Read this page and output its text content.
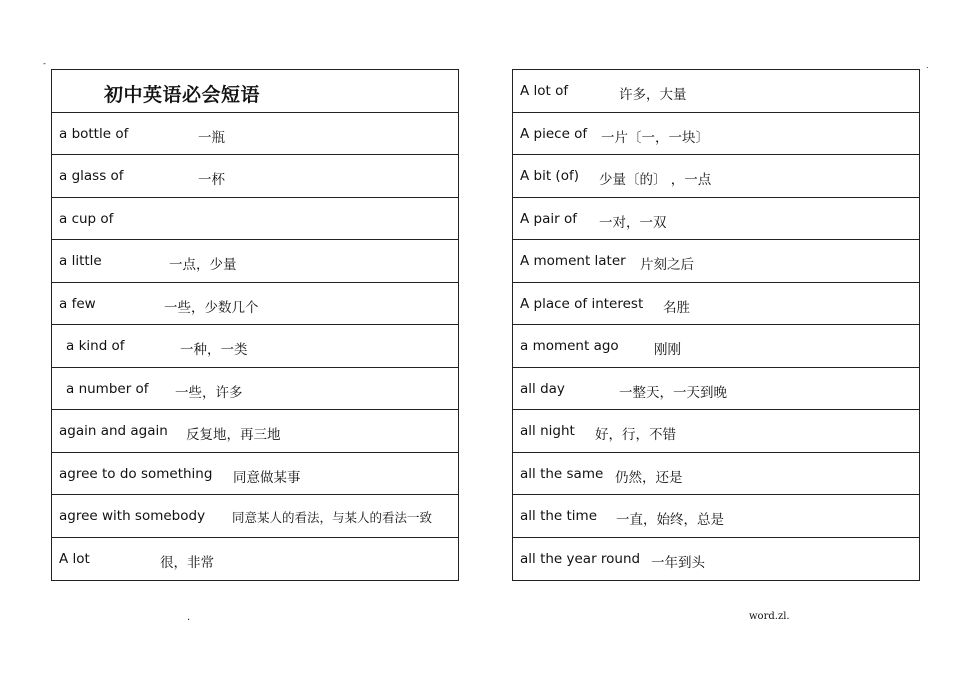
-	.
初中英语必会短语
a bottle of	一瓶
a glass of	一杯
a cup of
a little	一点，少量
a few	一些，少数几个
a kind of	一种，一类
a number of 一些，许多
again and again 反复地，再三地
agree to do something 同意做某事
agree with somebody 同意某人的看法，与某人的看法一致
A lot	很，非常
A lot of	许多，大量
A piece of 一片〔一，一块〕
A bit (of) 少量〔的〕 ，一点
A pair of 一对，一双
A moment later 片刻之后
A place of interest 名胜
a moment ago	刚刚
all day	一整天，一天到晚
all night 好，行，不错
all the same 仍然，还是
all the time 一直，始终，总是
all the year round 一年到头
.	word.zl.
